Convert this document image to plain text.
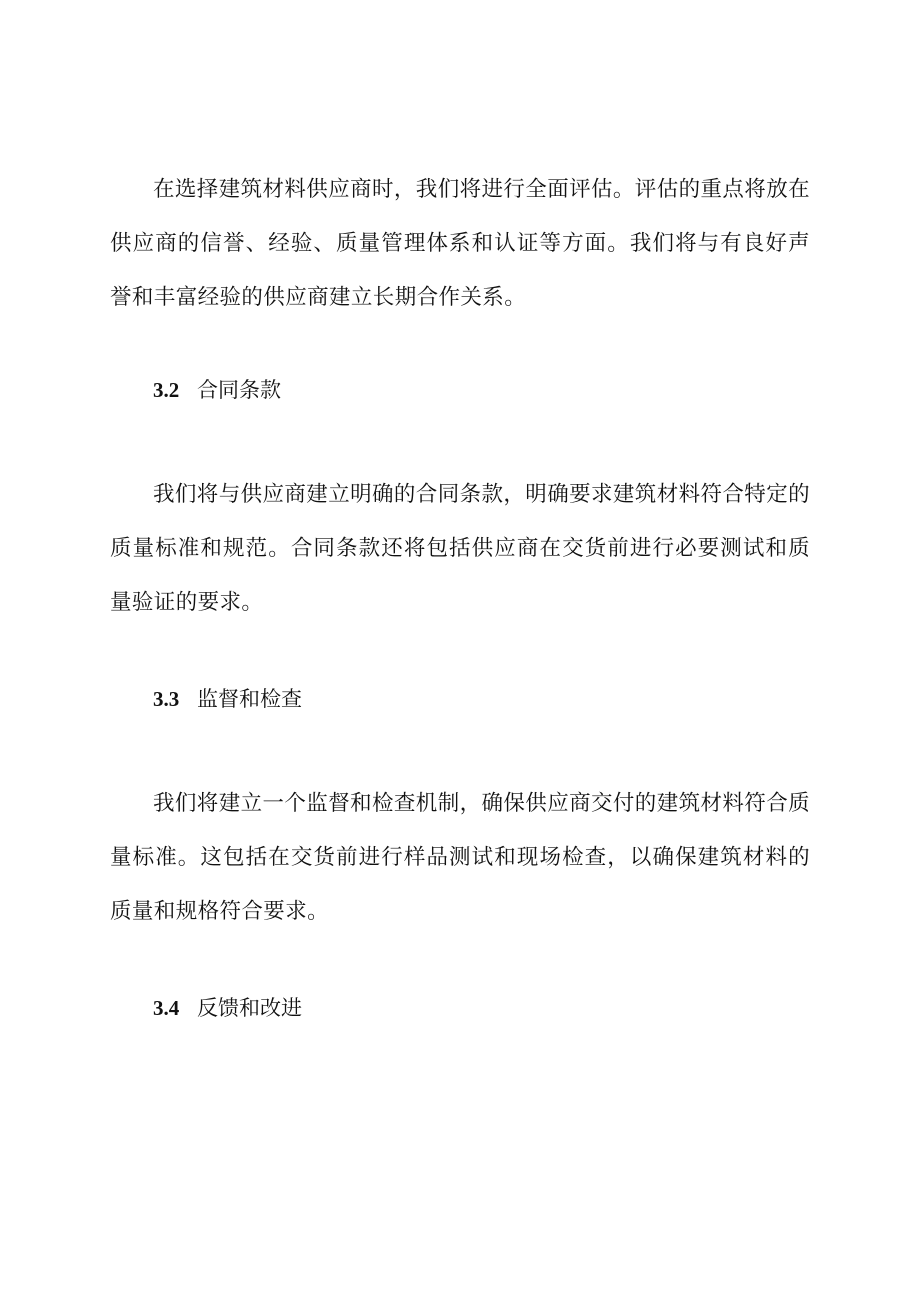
在选择建筑材料供应商时，我们将进行全面评估。评估的重点将放在供应商的信誉、经验、质量管理体系和认证等方面。我们将与有良好声誉和丰富经验的供应商建立长期合作关系。

3.2 合同条款

我们将与供应商建立明确的合同条款，明确要求建筑材料符合特定的质量标准和规范。合同条款还将包括供应商在交货前进行必要测试和质量验证的要求。

3.3 监督和检查

我们将建立一个监督和检查机制，确保供应商交付的建筑材料符合质量标准。这包括在交货前进行样品测试和现场检查，以确保建筑材料的质量和规格符合要求。

3.4 反馈和改进
